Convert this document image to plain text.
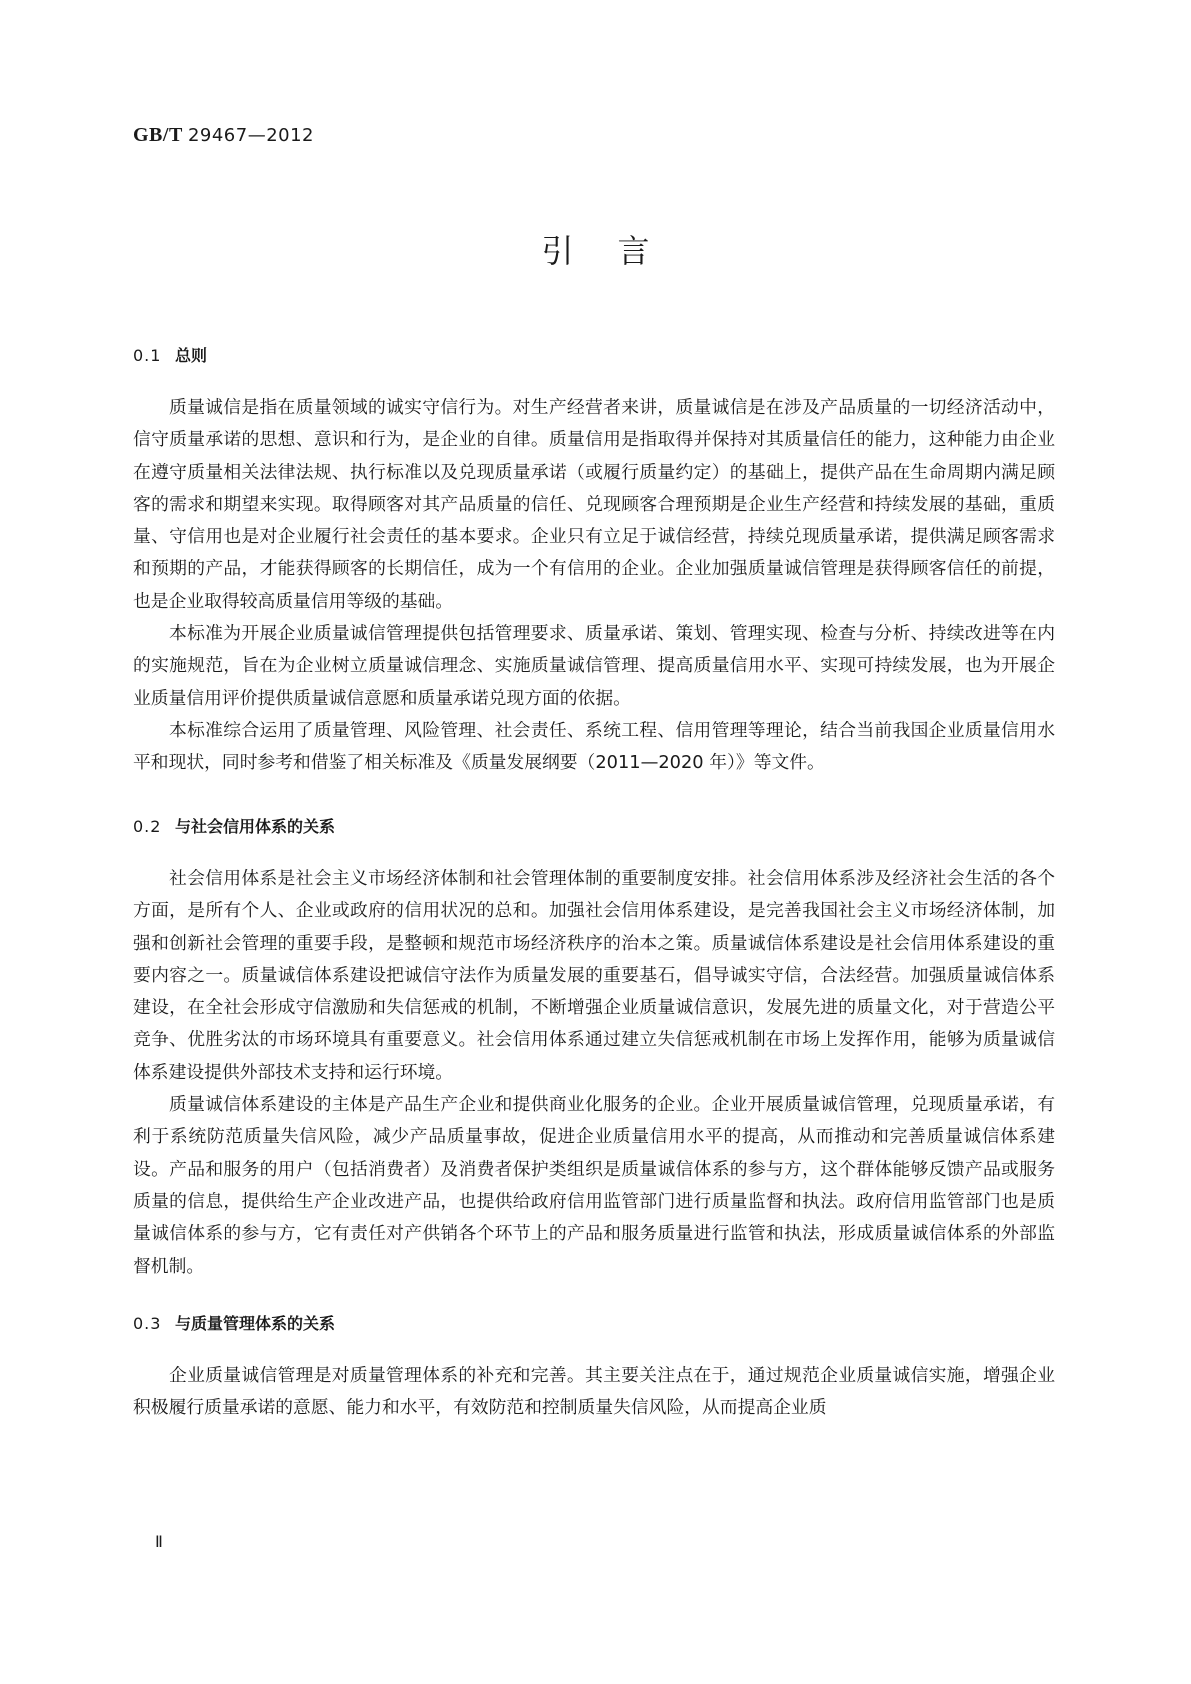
GB/T 29467—2012
引言
0.1 总则

质量诚信是指在质量领域的诚实守信行为。对生产经营者来讲，质量诚信是在涉及产品质量的一切经济活动中，信守质量承诺的思想、意识和行为，是企业的自律。质量信用是指取得并保持对其质量信任的能力，这种能力由企业在遵守质量相关法律法规、执行标准以及兑现质量承诺（或履行质量约定）的基础上，提供产品在生命周期内满足顾客的需求和期望来实现。取得顾客对其产品质量的信任、兑现顾客合理预期是企业生产经营和持续发展的基础，重质量、守信用也是对企业履行社会责任的基本要求。企业只有立足于诚信经营，持续兑现质量承诺，提供满足顾客需求和预期的产品，才能获得顾客的长期信任，成为一个有信用的企业。企业加强质量诚信管理是获得顾客信任的前提，也是企业取得较高质量信用等级的基础。

本标准为开展企业质量诚信管理提供包括管理要求、质量承诺、策划、管理实现、检查与分析、持续改进等在内的实施规范，旨在为企业树立质量诚信理念、实施质量诚信管理、提高质量信用水平、实现可持续发展，也为开展企业质量信用评价提供质量诚信意愿和质量承诺兑现方面的依据。

本标准综合运用了质量管理、风险管理、社会责任、系统工程、信用管理等理论，结合当前我国企业质量信用水平和现状，同时参考和借鉴了相关标准及《质量发展纲要（2011—2020 年）》等文件。

0.2 与社会信用体系的关系

社会信用体系是社会主义市场经济体制和社会管理体制的重要制度安排。社会信用体系涉及经济社会生活的各个方面，是所有个人、企业或政府的信用状况的总和。加强社会信用体系建设，是完善我国社会主义市场经济体制，加强和创新社会管理的重要手段，是整顿和规范市场经济秩序的治本之策。质量诚信体系建设是社会信用体系建设的重要内容之一。质量诚信体系建设把诚信守法作为质量发展的重要基石，倡导诚实守信，合法经营。加强质量诚信体系建设，在全社会形成守信激励和失信惩戒的机制，不断增强企业质量诚信意识，发展先进的质量文化，对于营造公平竞争、优胜劣汰的市场环境具有重要意义。社会信用体系通过建立失信惩戒机制在市场上发挥作用，能够为质量诚信体系建设提供外部技术支持和运行环境。

质量诚信体系建设的主体是产品生产企业和提供商业化服务的企业。企业开展质量诚信管理，兑现质量承诺，有利于系统防范质量失信风险，减少产品质量事故，促进企业质量信用水平的提高，从而推动和完善质量诚信体系建设。产品和服务的用户（包括消费者）及消费者保护类组织是质量诚信体系的参与方，这个群体能够反馈产品或服务质量的信息，提供给生产企业改进产品，也提供给政府信用监管部门进行质量监督和执法。政府信用监管部门也是质量诚信体系的参与方，它有责任对产供销各个环节上的产品和服务质量进行监管和执法，形成质量诚信体系的外部监督机制。

0.3 与质量管理体系的关系

企业质量诚信管理是对质量管理体系的补充和完善。其主要关注点在于，通过规范企业质量诚信实施，增强企业积极履行质量承诺的意愿、能力和水平，有效防范和控制质量失信风险，从而提高企业质

Ⅱ
